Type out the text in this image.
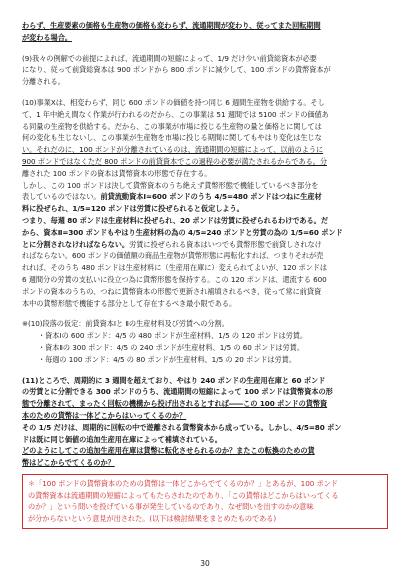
わらず、生産要素の価格も生産物の価格も変わらず、流通期間が変わり、従ってまた回転期間
が変わる場合。

(9)我々の例解での前提によれば、流通期間の短縮によって、1/9 だけ少い前貸総資本が必要
になり、従って前貸総資本は 900 ポンドから 800 ポンドに減少して、100 ポンドの貨幣資本が
分離される。

(10)事業Xは、相変わらず、同じ 600 ポンドの価値を持つ同じ 6 週間生産物を供給する。そし
て、1 年中絶え間なく作業が行われるのだから、この事業は 51 週間では 5100 ポンドの価値あ
る同量の生産物を供給する。だから、この事業が市場に投じる生産物の量と価格とに関しては
何の変化も生じないし、この事業が生産物を市場に投じる期間に関してもやはり変化は生じな
い。それだのに、100 ポンドが分離されているのは、流通期間の短縮によって、以前のように
900 ポンドではなくただ 800 ポンドの前貸資本でこの過程の必要が満たされるからである。分
離された 100 ポンドの資本は貨幣資本の形態で存在する。
しかし、この 100 ポンドは決して貨幣資本のうち絶えず貨幣形態で機能しているべき部分を
表しているのではない。前貸流動資本Ⅰ=600 ポンドのうち 4/5=480 ポンドはつねに生産材
料に投ぜられ、1/5=120 ポンドは労賃に投ぜられると仮定しよう。
つまり、毎週 80 ポンドは生産材料に投ぜられ、20 ポンドは労賃に投ぜられるわけである。だ
から、資本Ⅱ=300 ポンドもやはり生産材料の為の 4/5=240 ポンドと労賃の為の 1/5=60 ポンド
とに分割されなければならない。労賃に投ぜられる資本はいつでも貨幣形態で前貸しされなけ
ればならない。600 ポンドの価値額の商品生産物が貨幣形態に再転化すれば、つまりそれが売
れれば、そのうち 480 ポンドは生産材料に（生産用在庫に）変えられてよいが、120 ポンドは
6 週間分の労賃の支払いに役立つ為に貨幣形態を保持する。この 120 ポンドは、還流する 600
ポンドの資本のうちの、つねに貨幣資本の形態で更新され補填されるべき、従って常に前貸資
本中の貨幣形態で機能する部分として存在するべき最小限である。

※(10)段落の仮定：前貸資本Ⅰと Ⅱの生産材料及び労賃への分割。
・資本Ⅰの 600 ポンド：4/5 の 480 ポンドが生産材料、1/5 の 120 ポンドは労賃。
・資本Ⅱの 300 ポンド：4/5 の 240 ポンドが生産材料、1/5 の 60 ポンドは労賃。
・毎週の 100 ポンド：4/5 の 80 ポンドが生産材料、1/5 の 20 ポンドは労賃。

(11)ところで、周期的に 3 週間を超えており、やはり 240 ポンドの生産用在庫と 60 ポンド
の労賃とに分割できる 300 ポンドのうち、流通期間の短縮によって 100 ポンドは貨幣資本の形
態で分離されて、まったく回転の機構から投げ出されるとすれば――この 100 ポンドの貨幣資
本のための貨幣は一体どこからはいってくるのか？
その 1/5 だけは、周期的に回転の中で遊離される貨幣資本から成っている。しかし、4/5=80 ポン
ドは既に同じ価値の追加生産用在庫によって補填されている。
どのようにしてこの追加生産用在庫は貨幣に転化させられるのか？またこの転換のための貨
幣はどこからでてくるのか？

＊「100 ポンドの貨幣資本のための貨幣は一体どこからでてくるのか？」とあるが、100 ポンド
の貨幣資本は流通期間の短縮によってもたらされたのであり、「この貨幣はどこからはいってくる
のか？」という問いを投げている事が発生しているのであり、なぜ問いを出すのかの意味
が分からないという意見が出された。(以下は検討結果をまとめたものである)

30
